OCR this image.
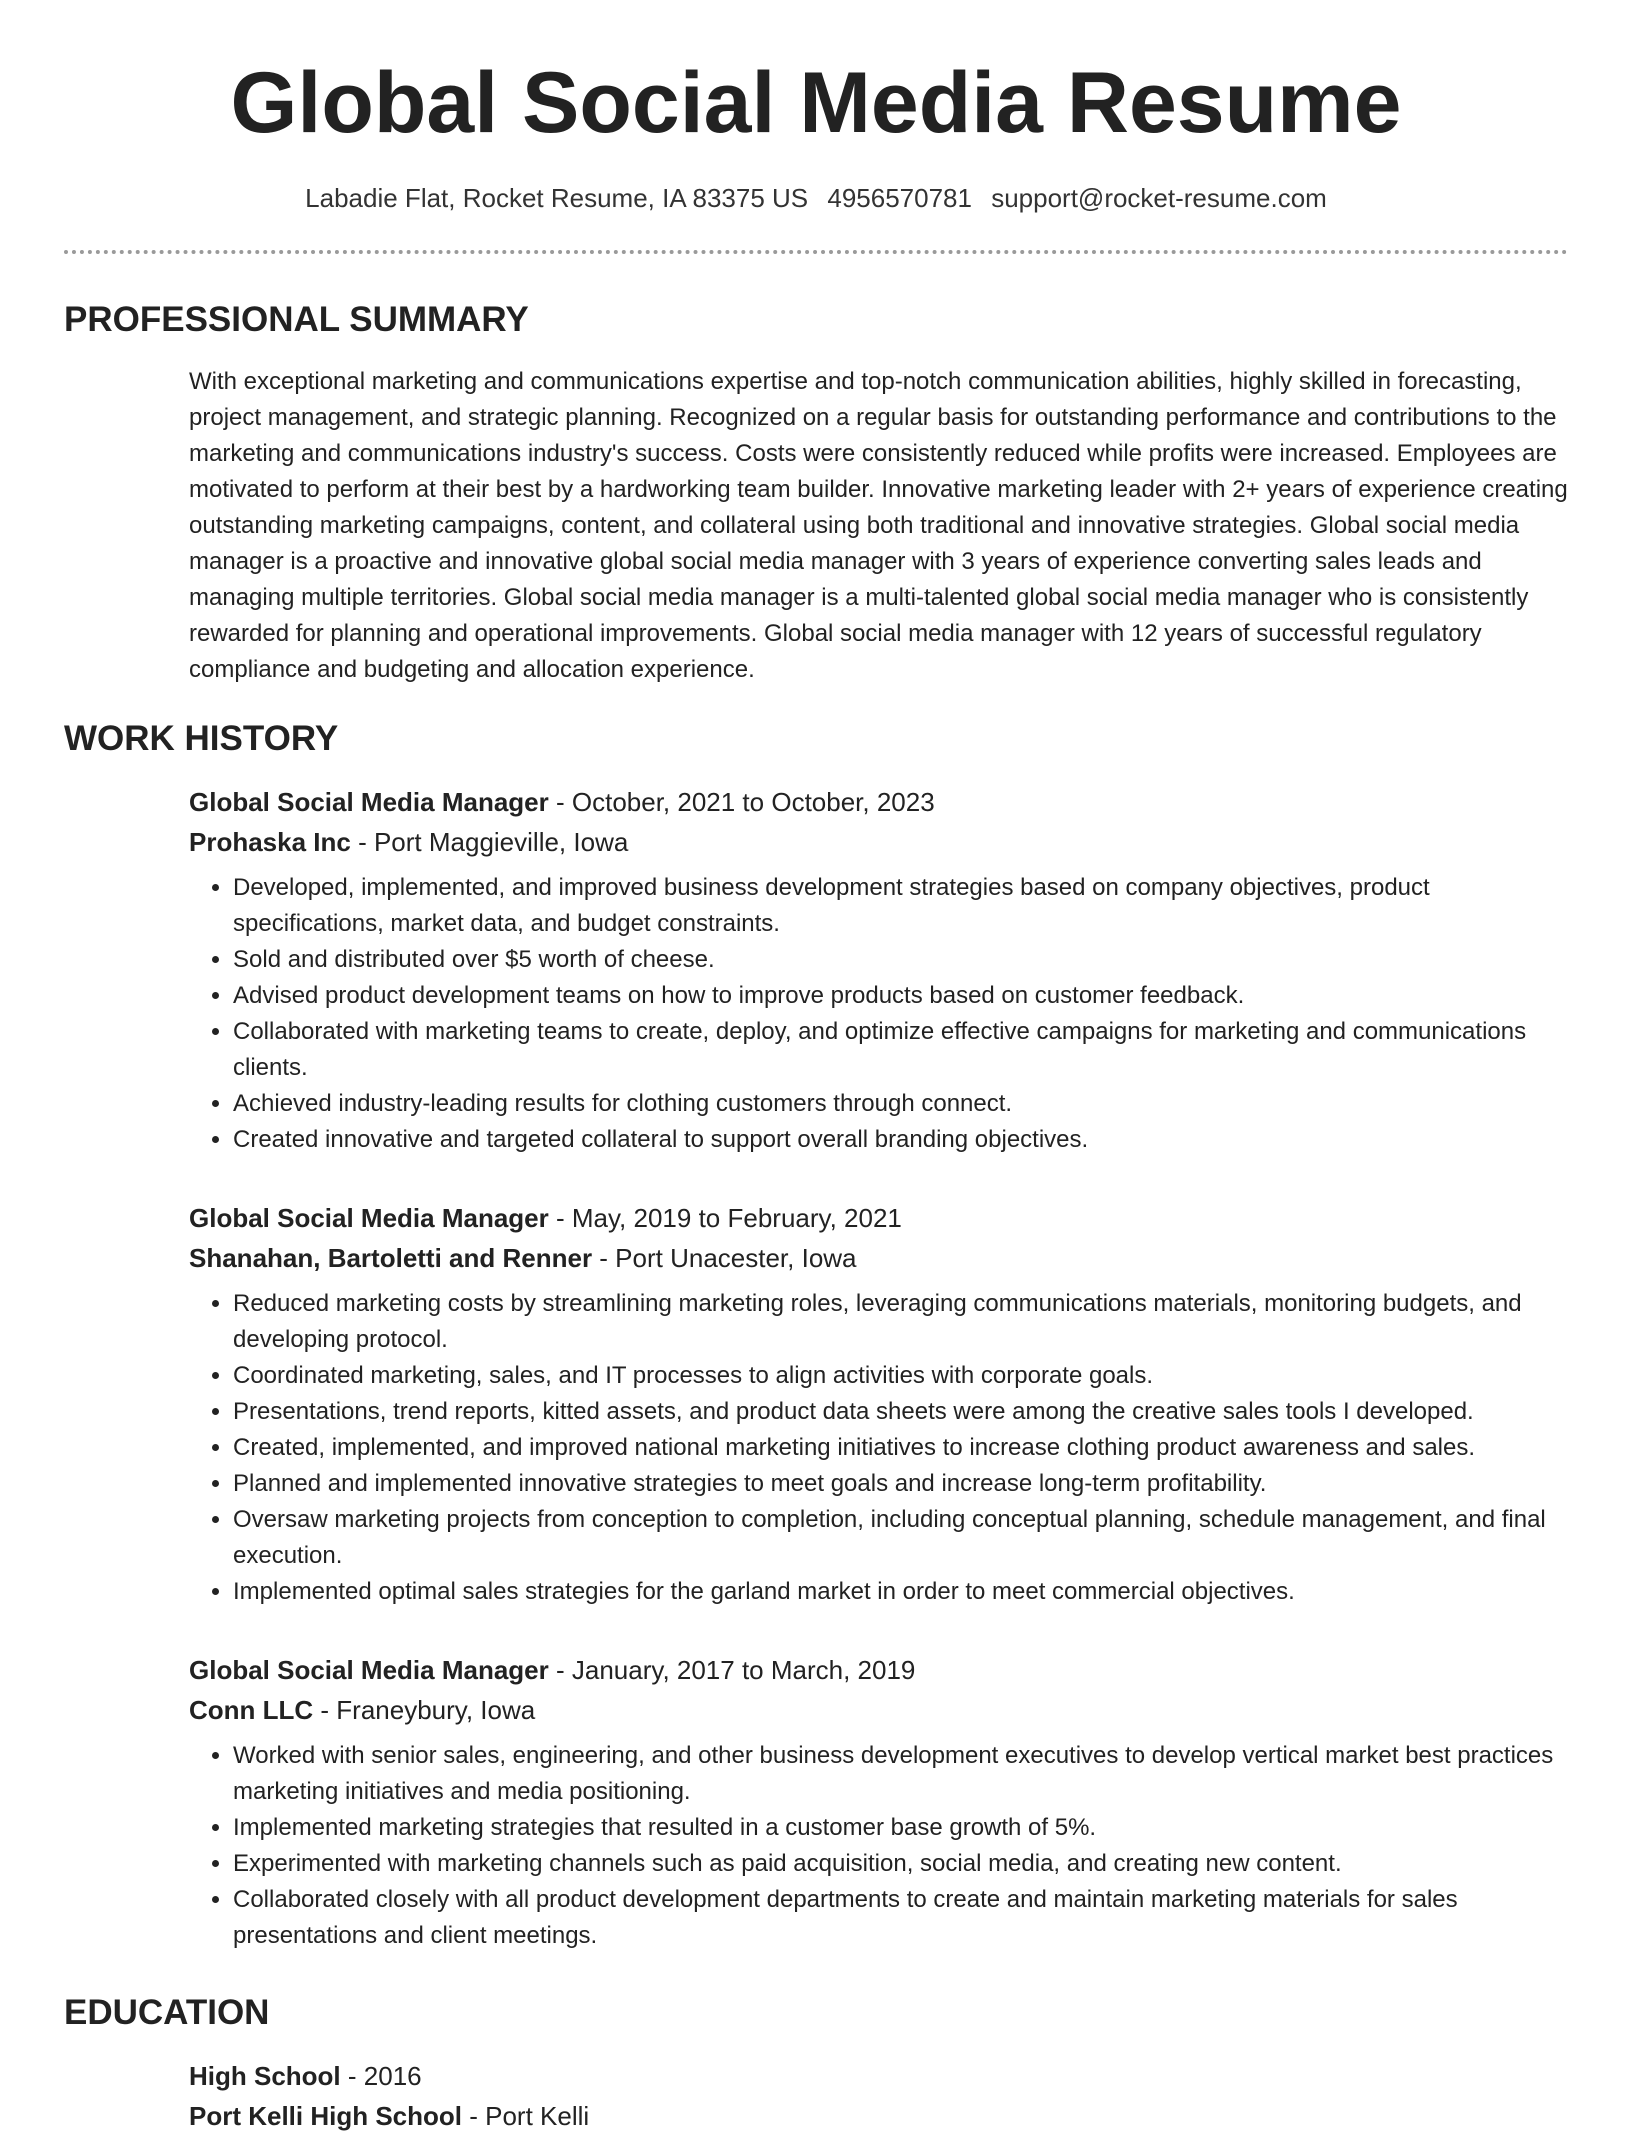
Global Social Media Resume
Labadie Flat, Rocket Resume, IA 83375 US 4956570781 support@rocket-resume.com
PROFESSIONAL SUMMARY

With exceptional marketing and communications expertise and top-notch communication abilities, highly skilled in forecasting, project management, and strategic planning. Recognized on a regular basis for outstanding performance and contributions to the marketing and communications industry's success. Costs were consistently reduced while profits were increased. Employees are motivated to perform at their best by a hardworking team builder. Innovative marketing leader with 2+ years of experience creating outstanding marketing campaigns, content, and collateral using both traditional and innovative strategies. Global social media manager is a proactive and innovative global social media manager with 3 years of experience converting sales leads and managing multiple territories. Global social media manager is a multi-talented global social media manager who is consistently rewarded for planning and operational improvements. Global social media manager with 12 years of successful regulatory compliance and budgeting and allocation experience.

WORK HISTORY

Global Social Media Manager - October, 2021 to October, 2023

Prohaska Inc - Port Maggieville, Iowa

• Developed, implemented, and improved business development strategies based on company objectives, product specifications, market data, and budget constraints.
• Sold and distributed over $5 worth of cheese.
• Advised product development teams on how to improve products based on customer feedback.
• Collaborated with marketing teams to create, deploy, and optimize effective campaigns for marketing and communications clients.
• Achieved industry-leading results for clothing customers through connect.
• Created innovative and targeted collateral to support overall branding objectives.

Global Social Media Manager - May, 2019 to February, 2021

Shanahan, Bartoletti and Renner - Port Unacester, Iowa

• Reduced marketing costs by streamlining marketing roles, leveraging communications materials, monitoring budgets, and developing protocol.
• Coordinated marketing, sales, and IT processes to align activities with corporate goals.
• Presentations, trend reports, kitted assets, and product data sheets were among the creative sales tools I developed.
• Created, implemented, and improved national marketing initiatives to increase clothing product awareness and sales.
• Planned and implemented innovative strategies to meet goals and increase long-term profitability.
• Oversaw marketing projects from conception to completion, including conceptual planning, schedule management, and final execution.
• Implemented optimal sales strategies for the garland market in order to meet commercial objectives.

Global Social Media Manager - January, 2017 to March, 2019

Conn LLC - Franeybury, Iowa

• Worked with senior sales, engineering, and other business development executives to develop vertical market best practices marketing initiatives and media positioning.
• Implemented marketing strategies that resulted in a customer base growth of 5%.
• Experimented with marketing channels such as paid acquisition, social media, and creating new content.
• Collaborated closely with all product development departments to create and maintain marketing materials for sales presentations and client meetings.
EDUCATION

High School - 2016

Port Kelli High School - Port Kelli
